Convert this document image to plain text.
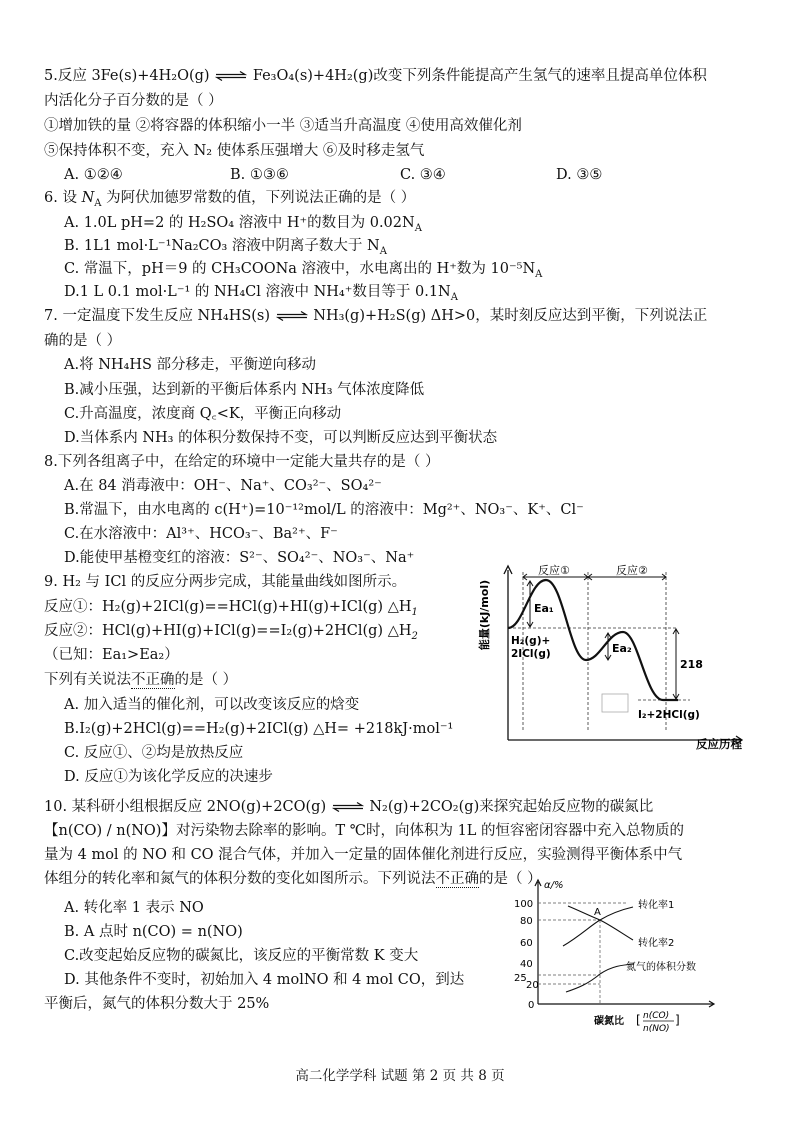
5.反应 3Fe(s)+4H₂O(g) ⇌ Fe₃O₄(s)+4H₂(g)改变下列条件能提高产生氢气的速率且提高单位体积
内活化分子百分数的是（ ）
①增加铁的量 ②将容器的体积缩小一半 ③适当升高温度 ④使用高效催化剂
⑤保持体积不变，充入 N₂ 使体系压强增大 ⑥及时移走氢气
A. ①②④	B. ①③⑥	C. ③④	D. ③⑤
6. 设 $N_A$ 为阿伏加德罗常数的值，下列说法正确的是（ ）
A. 1.0L pH=2 的 H₂SO₄ 溶液中 H⁺的数目为 $0.02N_A$
B. 1L1 mol·L⁻¹Na₂CO₃ 溶液中阴离子数大于 $N_A$
C. 常温下，pH＝9 的 CH₃COONa 溶液中，水电离出的 H⁺数为 $10^{-5}N_A$
D.1 L 0.1 mol·L⁻¹ 的 NH₄Cl 溶液中 NH₄⁺数目等于 $0.1N_A$
7. 一定温度下发生反应 NH₄HS(s) ⇌ NH₃(g)+H₂S(g) ΔH>0，某时刻反应达到平衡，下列说法正
确的是（ ）
A.将 NH₄HS 部分移走，平衡逆向移动
B.减小压强，达到新的平衡后体系内 NH₃ 气体浓度降低
C.升高温度，浓度商 Q꜀<K，平衡正向移动
D.当体系内 NH₃ 的体积分数保持不变，可以判断反应达到平衡状态
8.下列各组离子中，在给定的环境中一定能大量共存的是（ ）
A.在 84 消毒液中：OH⁻、Na⁺、CO₃²⁻、SO₄²⁻
B.常温下，由水电离的 c(H⁺)=10⁻¹²mol/L 的溶液中：Mg²⁺、NO₃⁻、K⁺、Cl⁻
C.在水溶液中：Al³⁺、HCO₃⁻、Ba²⁺、F⁻
D.能使甲基橙变红的溶液：S²⁻、SO₄²⁻、NO₃⁻、Na⁺
9. H₂ 与 ICl 的反应分两步完成，其能量曲线如图所示。
反应①：H₂(g)+2ICl(g)==HCl(g)+HI(g)+ICl(g) $\triangle H_1$
反应②：HCl(g)+HI(g)+ICl(g)==I₂(g)+2HCl(g) $\triangle H_2$
（已知：Ea₁>Ea₂）
下列有关说法不正确的是（ ）
A. 加入适当的催化剂，可以改变该反应的焓变
B.I₂(g)+2HCl(g)==H₂(g)+2ICl(g) △H= +218kJ·mol⁻¹
C. 反应①、②均是放热反应
D. 反应①为该化学反应的决速步
能量(kJ/mol)
反应历程
反应①	反应②
Ea₁
Ea₂
218
H₂(g)+
2ICl(g)
I₂+2HCl(g)
10. 某科研小组根据反应 2NO(g)+2CO(g) ⇌ N₂(g)+2CO₂(g)来探究起始反应物的碳氮比
【n(CO) / n(NO)】对污染物去除率的影响。T ℃时，向体积为 1L 的恒容密闭容器中充入总物质的
量为 4 mol 的 NO 和 CO 混合气体，并加入一定量的固体催化剂进行反应，实验测得平衡体系中气
体组分的转化率和氮气的体积分数的变化如图所示。下列说法不正确的是（ ）
A. 转化率 1 表示 NO
B. A 点时 n(CO) = n(NO)
C.改变起始反应物的碳氮比，该反应的平衡常数 K 变大
D. 其他条件不变时，初始加入 4 molNO 和 4 mol CO，到达
平衡后，氮气的体积分数大于 25%
α/%
100
80
60
40
25
20
0
A
转化率1
转化率2
氮气的体积分数
碳氮比 [ n(CO)
n(NO)
]
高二化学学科 试题 第 2 页 共 8 页
